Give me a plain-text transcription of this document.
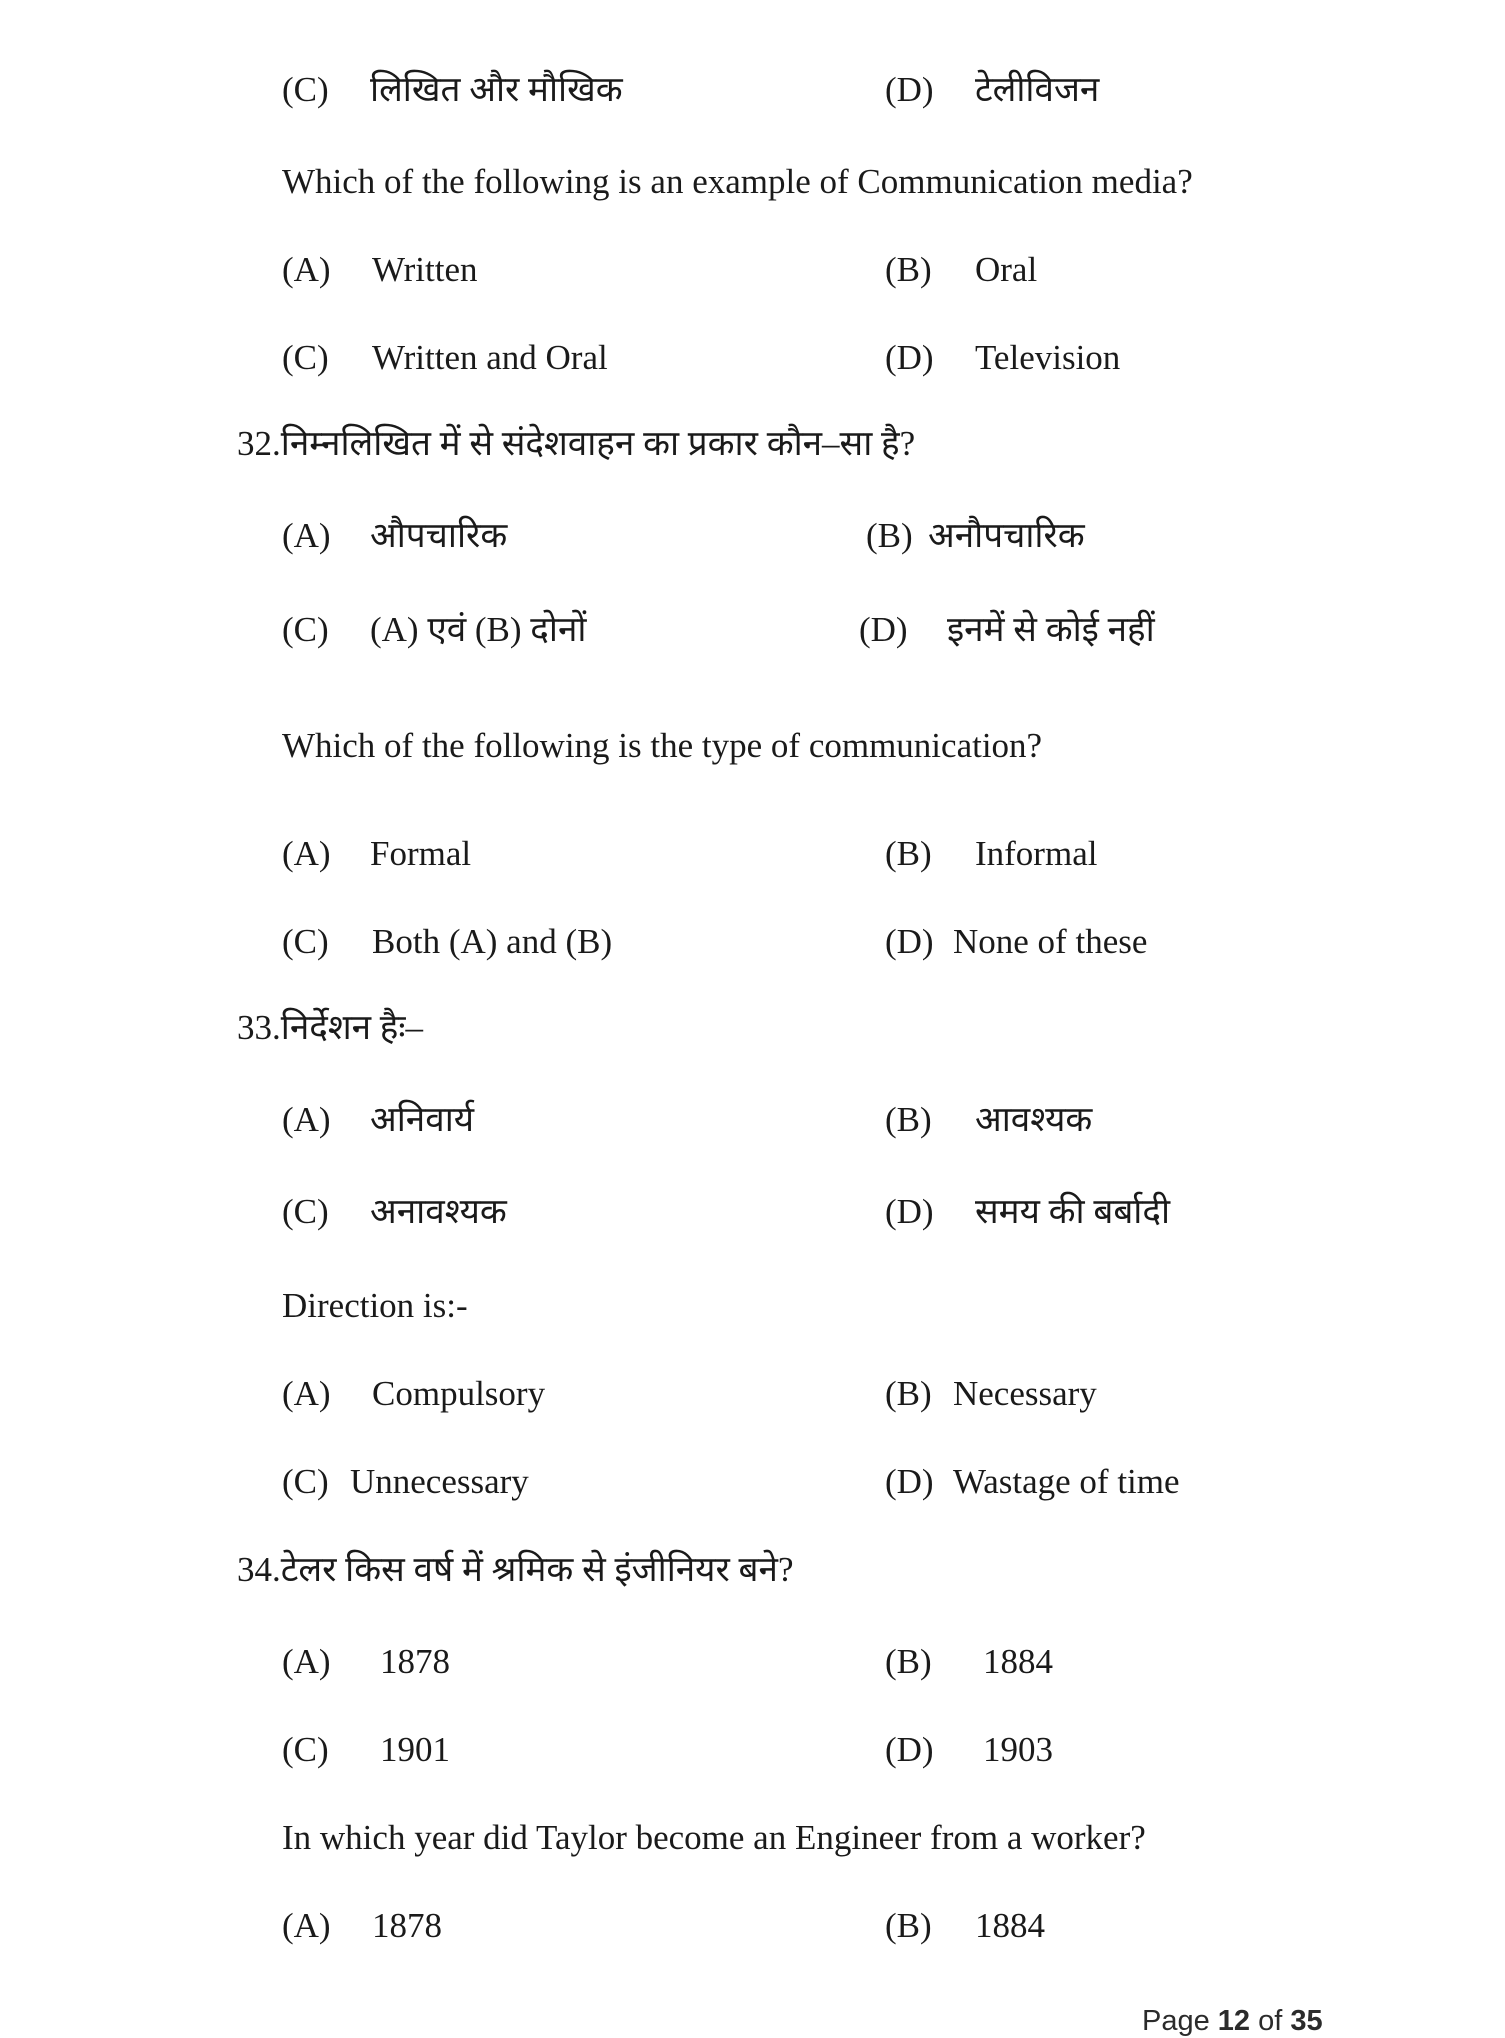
(C) लिखित और मौखिक	(D) टेलीविजन
Which of the following is an example of Communication media?
(A) Written	(B) Oral
(C) Written and Oral	(D) Television
32.निम्नलिखित में से संदेशवाहन का प्रकार कौन–सा है?
(A) औपचारिक	(B) अनौपचारिक
(C) (A) एवं (B) दोनों	(D) इनमें से कोई नहीं
Which of the following is the type of communication?
(A) Formal	(B) Informal
(C) Both (A) and (B)	(D) None of these
33.निर्देशन हैः–
(A) अनिवार्य	(B) आवश्यक
(C) अनावश्यक	(D) समय की बर्बादी
Direction is:-
(A) Compulsory	(B) Necessary
(C) Unnecessary	(D) Wastage of time
34.टेलर किस वर्ष में श्रमिक से इंजीनियर बने?
(A) 1878	(B) 1884
(C) 1901	(D) 1903
In which year did Taylor become an Engineer from a worker?
(A) 1878	(B) 1884
Page 12 of 35
